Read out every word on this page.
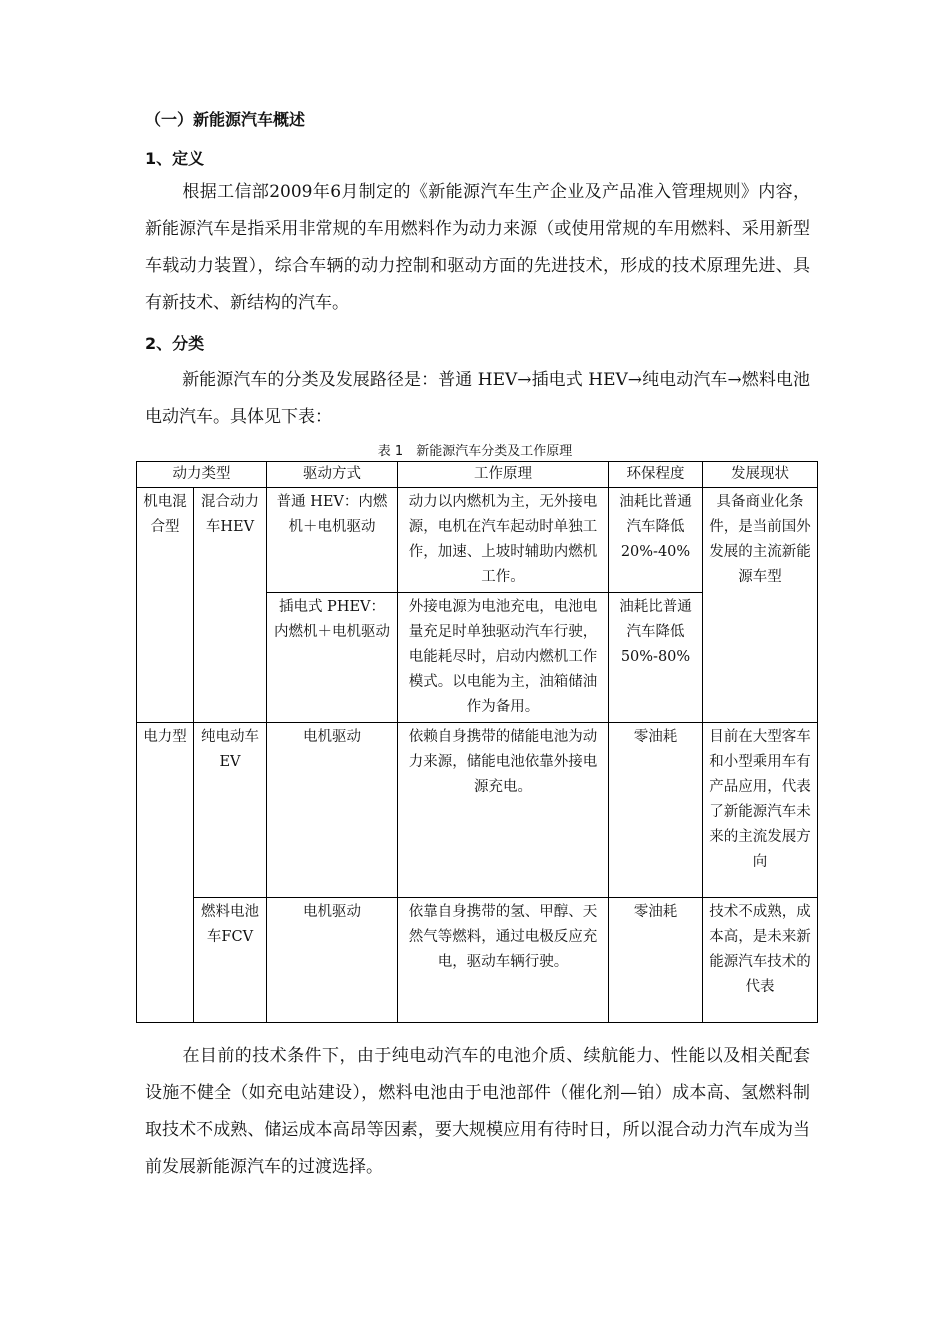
（一）新能源汽车概述
1、定义
根据工信部2009年6月制定的《新能源汽车生产企业及产品准入管理规则》内容，新能源汽车是指采用非常规的车用燃料作为动力来源（或使用常规的车用燃料、采用新型车载动力装置），综合车辆的动力控制和驱动方面的先进技术，形成的技术原理先进、具有新技术、新结构的汽车。
2、分类
新能源汽车的分类及发展路径是：普通 HEV→插电式 HEV→纯电动汽车→燃料电池电动汽车。具体见下表：
表 1　新能源汽车分类及工作原理
动力类型		驱动方式	工作原理	环保程度	发展现状
机电混合型	混合动力车HEV	普通 HEV：内燃机＋电机驱动	动力以内燃机为主，无外接电源，电机在汽车起动时单独工作，加速、上坡时辅助内燃机工作。	油耗比普通汽车降低20%-40%	具备商业化条件，是当前国外发展的主流新能源车型
		插电式 PHEV：内燃机＋电机驱动	外接电源为电池充电，电池电量充足时单独驱动汽车行驶，电能耗尽时，启动内燃机工作模式。以电能为主，油箱储油作为备用。	油耗比普通汽车降低50%-80%	
电力型	纯电动车 EV	电机驱动	依赖自身携带的储能电池为动力来源，储能电池依靠外接电源充电。	零油耗	目前在大型客车和小型乘用车有产品应用，代表了新能源汽车未来的主流发展方向
	燃料电池车FCV	电机驱动	依靠自身携带的氢、甲醇、天然气等燃料，通过电极反应充电，驱动车辆行驶。	零油耗	技术不成熟，成本高，是未来新能源汽车技术的代表
在目前的技术条件下，由于纯电动汽车的电池介质、续航能力、性能以及相关配套设施不健全（如充电站建设），燃料电池由于电池部件（催化剂—铂）成本高、氢燃料制取技术不成熟、储运成本高昂等因素，要大规模应用有待时日，所以混合动力汽车成为当前发展新能源汽车的过渡选择。
